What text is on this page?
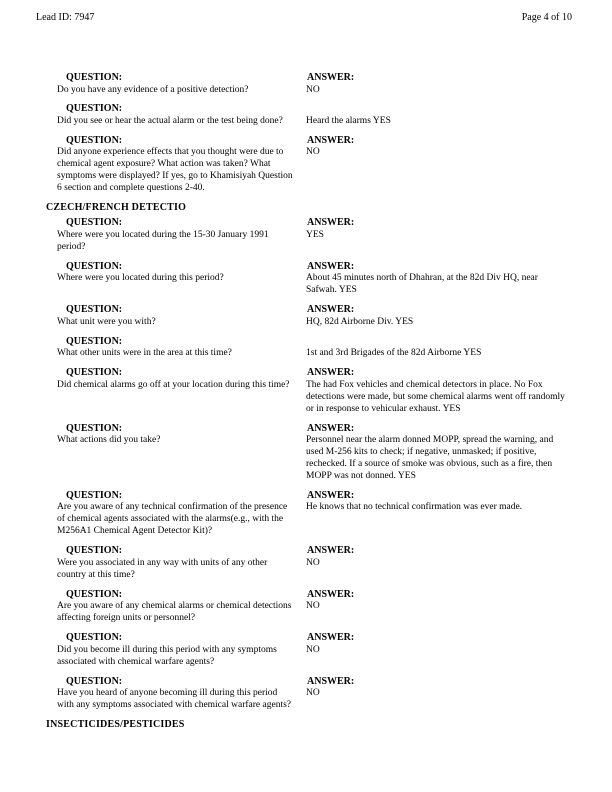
Lead ID: 7947	Page 4 of 10
QUESTION:	ANSWER:
Do you have any evidence of a positive detection?	NO
QUESTION:
Did you see or hear the actual alarm or the test being done?	Heard the alarms YES
QUESTION:	ANSWER:
Did anyone experience effects that you thought were due to chemical agent exposure? What action was taken? What symptoms were displayed? If yes, go to Khamisiyah Question 6 section and complete questions 2-40.
NO
CZECH/FRENCH DETECTIO
QUESTION:	ANSWER:
Where were you located during the 15-30 January 1991 period?
YES
QUESTION:	ANSWER:
Where were you located during this period?	About 45 minutes north of Dhahran, at the 82d Div HQ, near Safwah. YES
QUESTION:	ANSWER:
What unit were you with?	HQ, 82d Airborne Div. YES
QUESTION:
What other units were in the area at this time?	1st and 3rd Brigades of the 82d Airborne YES
QUESTION:	ANSWER:
Did chemical alarms go off at your location during this time?	The had Fox vehicles and chemical detectors in place. No Fox detections were made, but some chemical alarms went off randomly or in response to vehicular exhaust. YES
QUESTION:	ANSWER:
What actions did you take?	Personnel near the alarm donned MOPP, spread the warning, and used M-256 kits to check; if negative, unmasked; if positive, rechecked. If a source of smoke was obvious, such as a fire, then MOPP was not donned. YES
QUESTION:	ANSWER:
Are you aware of any technical confirmation of the presence of chemical agents associated with the alarms(e.g., with the M256A1 Chemical Agent Detector Kit)?
He knows that no technical confirmation was ever made.
QUESTION:	ANSWER:
Were you associated in any way with units of any other country at this time?
NO
QUESTION:	ANSWER:
Are you aware of any chemical alarms or chemical detections affecting foreign units or personnel?
NO
QUESTION:	ANSWER:
Did you become ill during this period with any symptoms associated with chemical warfare agents?
NO
QUESTION:	ANSWER:
Have you heard of anyone becoming ill during this period with any symptoms associated with chemical warfare agents?
NO
INSECTICIDES/PESTICIDES
